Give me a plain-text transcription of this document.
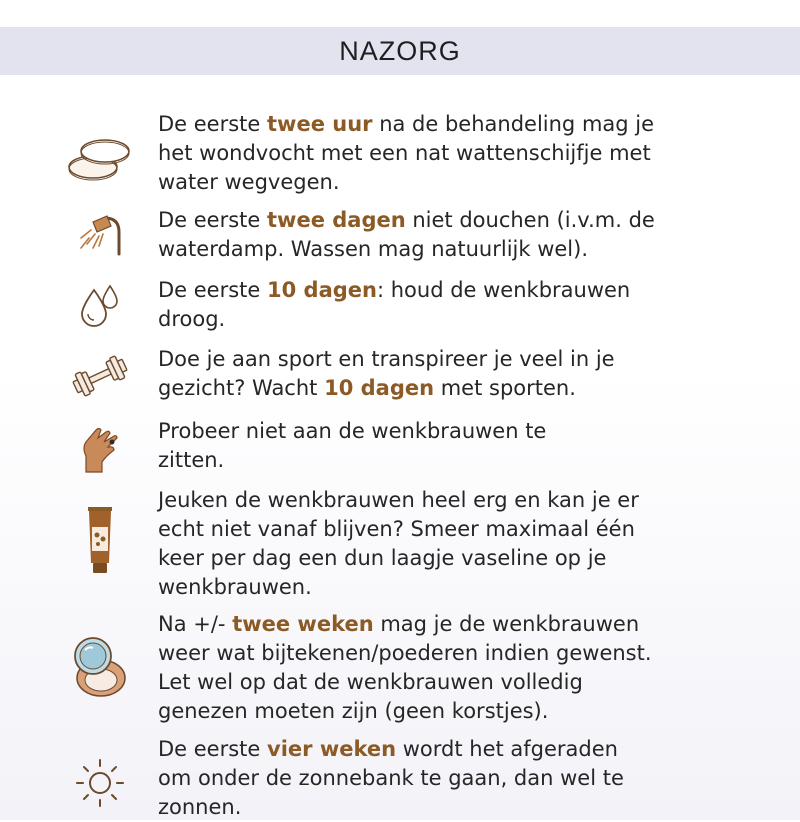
NAZORG

De eerste twee uur na de behandeling mag je
het wondvocht met een nat wattenschijfje met
water wegvegen.

De eerste twee dagen niet douchen (i.v.m. de
waterdamp. Wassen mag natuurlijk wel).

De eerste 10 dagen: houd de wenkbrauwen
droog.

Doe je aan sport en transpireer je veel in je
gezicht? Wacht 10 dagen met sporten.

Probeer niet aan de wenkbrauwen te
zitten.

Jeuken de wenkbrauwen heel erg en kan je er
echt niet vanaf blijven? Smeer maximaal één
keer per dag een dun laagje vaseline op je
wenkbrauwen.

Na +/- twee weken mag je de wenkbrauwen
weer wat bijtekenen/poederen indien gewenst.
Let wel op dat de wenkbrauwen volledig
genezen moeten zijn (geen korstjes).

De eerste vier weken wordt het afgeraden
om onder de zonnebank te gaan, dan wel te
zonnen.
